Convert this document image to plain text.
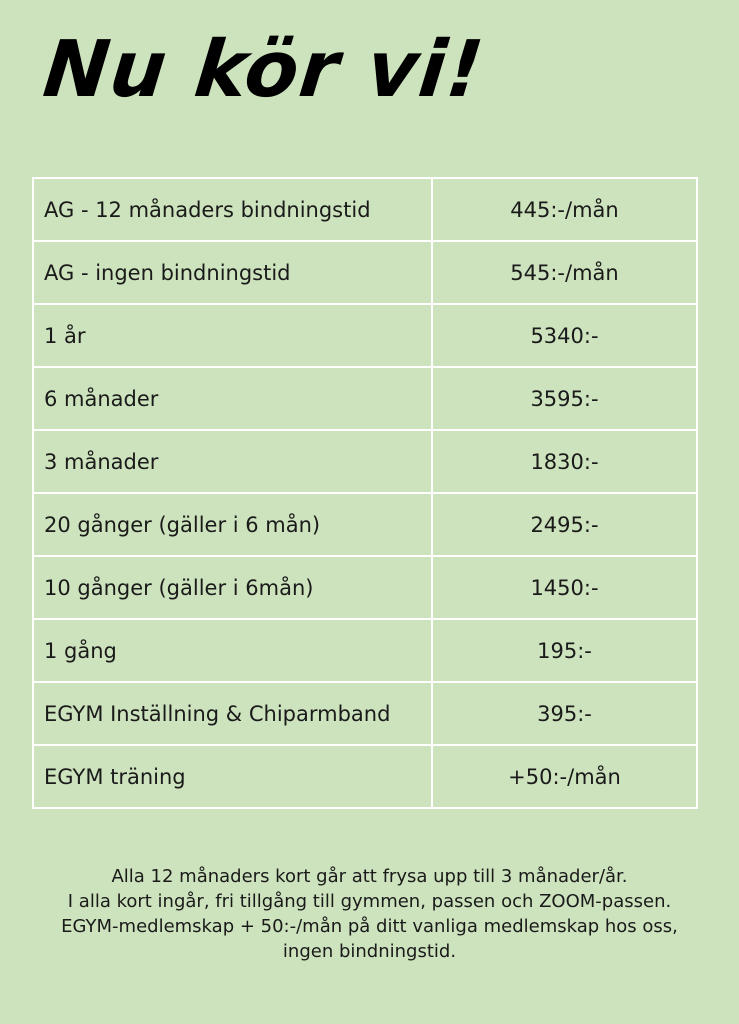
Nu kör vi!
AG - 12 månaders bindningstid	445:-/mån
AG - ingen bindningstid	545:-/mån
1 år	5340:-
6 månader	3595:-
3 månader	1830:-
20 gånger (gäller i 6 mån)	2495:-
10 gånger (gäller i 6mån)	1450:-
1 gång	195:-
EGYM Inställning & Chiparmband	395:-
EGYM träning	+50:-/mån
Alla 12 månaders kort går att frysa upp till 3 månader/år.
I alla kort ingår, fri tillgång till gymmen, passen och ZOOM-passen.
EGYM-medlemskap + 50:-/mån på ditt vanliga medlemskap hos oss,
ingen bindningstid.
